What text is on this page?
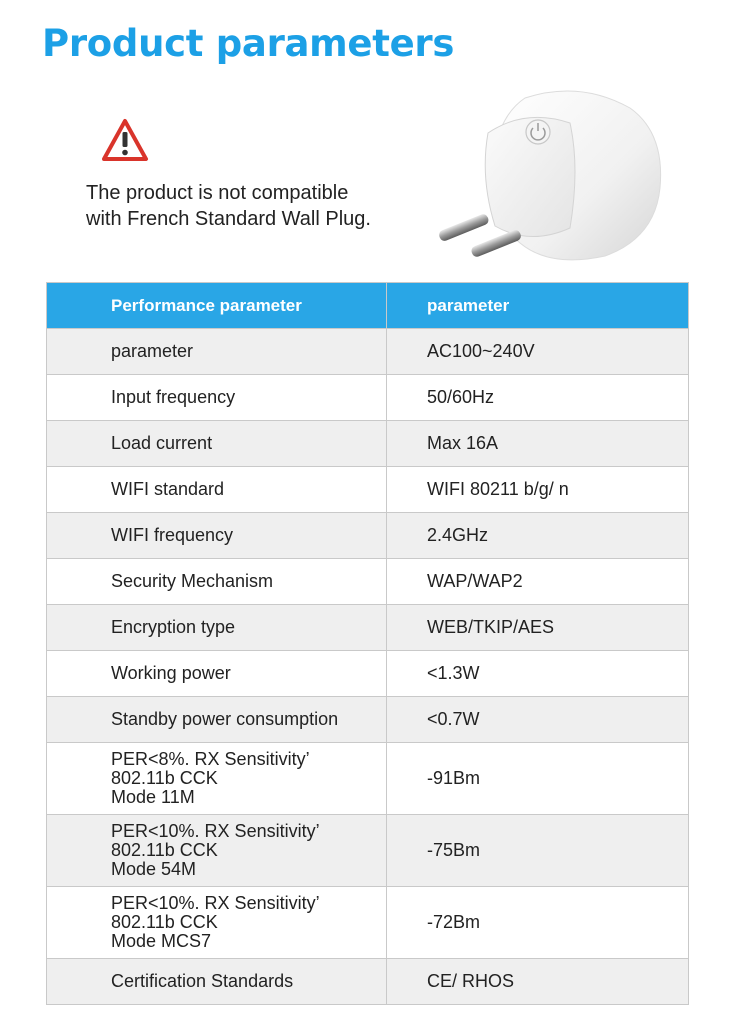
Product parameters
The product is not compatible
with French Standard Wall Plug.
Performance parameter	parameter
parameter	AC100~240V
Input frequency	50/60Hz
Load current	Max 16A
WIFI standard	WIFI 80211 b/g/ n
WIFI frequency	2.4GHz
Security Mechanism	WAP/WAP2
Encryption type	WEB/TKIP/AES
Working power	<1.3W
Standby power consumption	<0.7W
PER<8%. RX Sensitivity’
802.11b CCK
Mode 11M	-91Bm
PER<10%. RX Sensitivity’
802.11b CCK
Mode 54M	-75Bm
PER<10%. RX Sensitivity’
802.11b CCK
Mode MCS7	-72Bm
Certification Standards	CE/ RHOS
